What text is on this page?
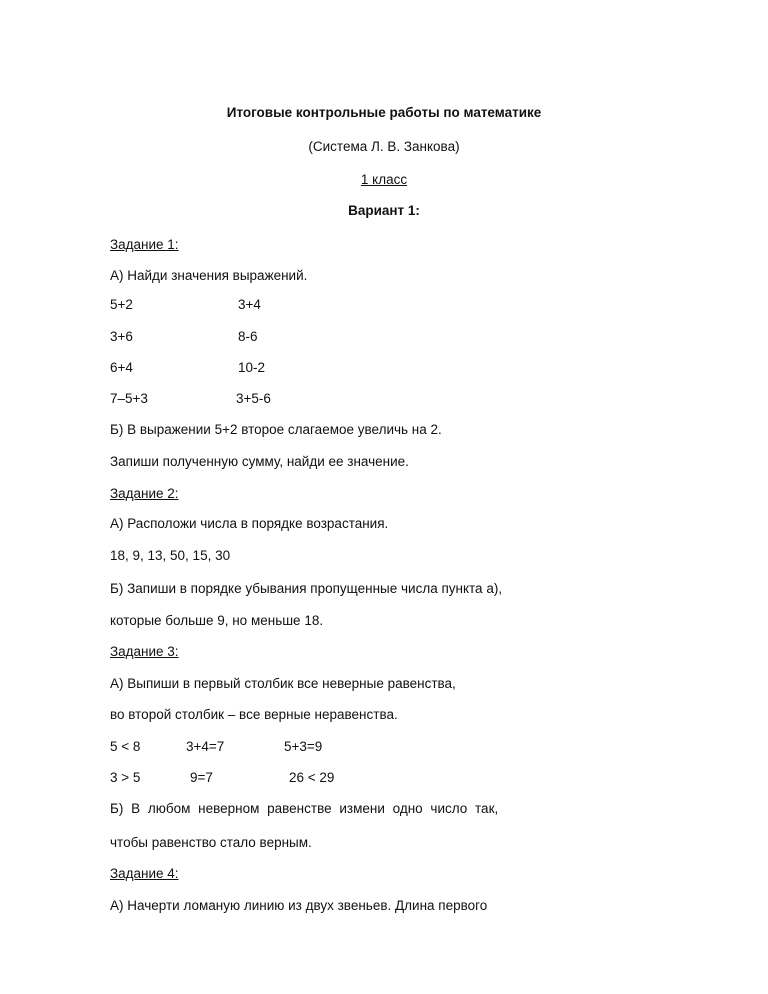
Итоговые контрольные работы по математике
(Система Л. В. Занкова)
1 класс
Вариант 1:
Задание 1:
А) Найди значения выражений.
5+2	3+4
3+6	8-6
6+4	10-2
7–5+3	3+5-6
Б) В выражении 5+2 второе слагаемое увеличь на 2.
Запиши полученную сумму, найди ее значение.
Задание 2:
А) Расположи числа в порядке возрастания.
18, 9, 13, 50, 15, 30
Б) Запиши в порядке убывания пропущенные числа пункта а),
которые больше 9, но меньше 18.
Задание 3:
А) Выпиши в первый столбик все неверные равенства,
во второй столбик – все верные неравенства.
5 < 8	3+4=7	5+3=9
3 > 5	9=7	26 < 29
Б) В любом неверном равенстве измени одно число так,
чтобы равенство стало верным.
Задание 4:
А) Начерти ломаную линию из двух звеньев. Длина первого
